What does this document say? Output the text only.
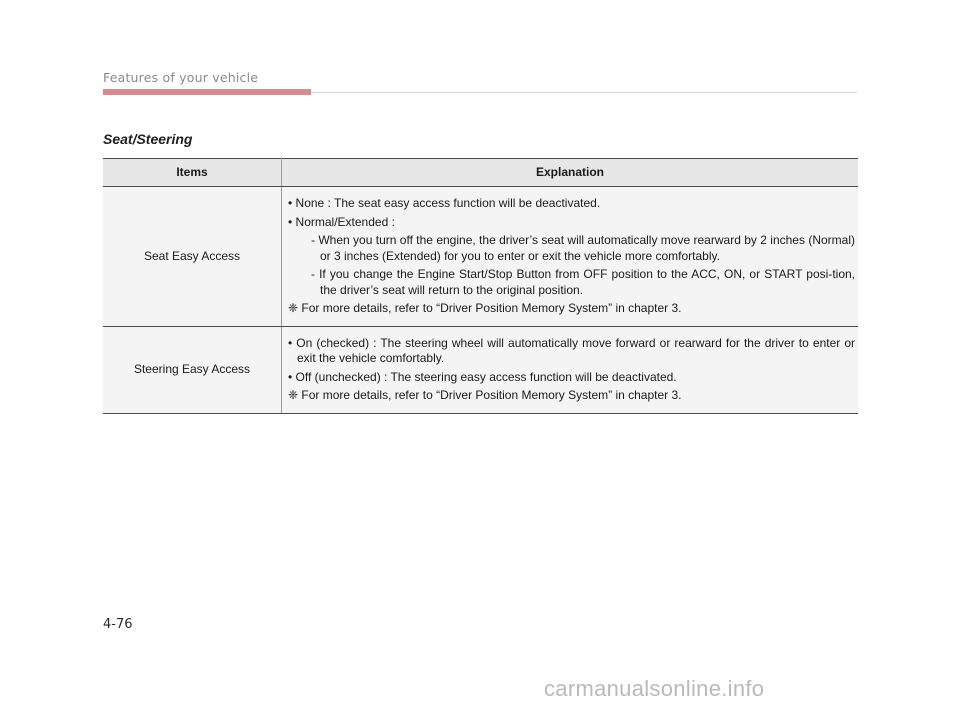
Features of your vehicle
Seat/Steering
Items	Explanation
Seat Easy Access	• None : The seat easy access function will be deactivated.
• Normal/Extended :
- When you turn off the engine, the driver’s seat will automatically move rearward by 2 inches (Normal) or 3 inches (Extended) for you to enter or exit the vehicle more comfortably.
- If you change the Engine Start/Stop Button from OFF position to the ACC, ON, or START posi-tion, the driver’s seat will return to the original position.
❈ For more details, refer to “Driver Position Memory System” in chapter 3.

Steering Easy Access	• On (checked) : The steering wheel will automatically move forward or rearward for the driver to enter or exit the vehicle comfortably.
• Off (unchecked) : The steering easy access function will be deactivated.
❈ For more details, refer to “Driver Position Memory System” in chapter 3.
4-76
carmanualsonline.info
